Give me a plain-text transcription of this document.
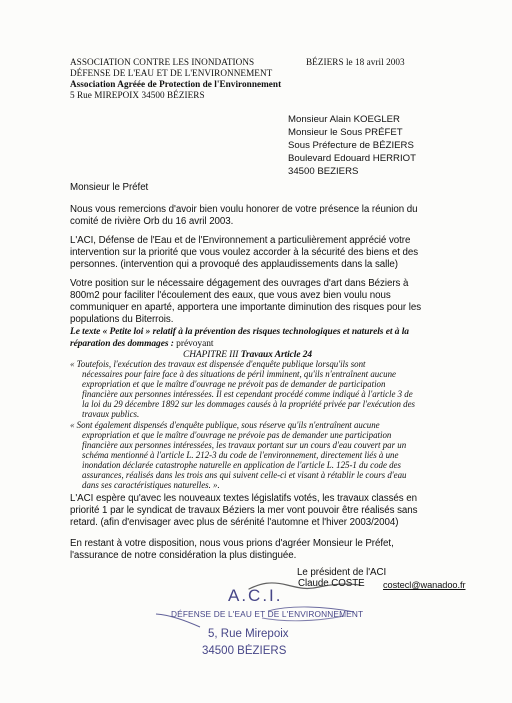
ASSOCIATION CONTRE LES INONDATIONS
DÉFENSE DE L'EAU ET DE L'ENVIRONNEMENT
Association Agréée de Protection de l'Environnement
5 Rue MIREPOIX 34500 BÉZIERS
BÉZIERS le 18 avril 2003
Monsieur Alain KOEGLER
Monsieur le Sous PRÉFET
Sous Préfecture de BÉZIERS
Boulevard Edouard HERRIOT
34500 BEZIERS
Monsieur le Préfet
Nous vous remercions d'avoir bien voulu honorer de votre présence la réunion du
comité de rivière Orb du 16 avril 2003.
L'ACI, Défense de l'Eau et de l'Environnement a particulièrement apprécié votre
intervention sur la priorité que vous voulez accorder à la sécurité des biens et des
personnes. (intervention qui a provoqué des applaudissements dans la salle)
Votre position sur le nécessaire dégagement des ouvrages d'art dans Béziers à
800m2 pour faciliter l'écoulement des eaux, que vous avez bien voulu nous
communiquer en aparté, apportera une importante diminution des risques pour les
populations du Biterrois.
Le texte « Petite loi » relatif à la prévention des risques technologiques et naturels et à la
réparation des dommages : prévoyant
CHAPITRE III Travaux Article 24
« Toutefois, l'exécution des travaux est dispensée d'enquête publique lorsqu'ils sont
nécessaires pour faire face à des situations de péril imminent, qu'ils n'entraînent aucune
expropriation et que le maître d'ouvrage ne prévoit pas de demander de participation
financière aux personnes intéressées. Il est cependant procédé comme indiqué à l'article 3 de
la loi du 29 décembre 1892 sur les dommages causés à la propriété privée par l'exécution des
travaux publics.
« Sont également dispensés d'enquête publique, sous réserve qu'ils n'entraînent aucune
expropriation et que le maître d'ouvrage ne prévoie pas de demander une participation
financière aux personnes intéressées, les travaux portant sur un cours d'eau couvert par un
schéma mentionné à l'article L. 212-3 du code de l'environnement, directement liés à une
inondation déclarée catastrophe naturelle en application de l'article L. 125-1 du code des
assurances, réalisés dans les trois ans qui suivent celle-ci et visant à rétablir le cours d'eau
dans ses caractéristiques naturelles. ».
L'ACI espère qu'avec les nouveaux textes législatifs votés, les travaux classés en
priorité 1 par le syndicat de travaux Béziers la mer vont pouvoir être réalisés sans
retard. (afin d'envisager avec plus de sérénité l'automne et l'hiver 2003/2004)
En restant à votre disposition, nous vous prions d'agréer Monsieur le Préfet,
l'assurance de notre considération la plus distinguée.
Le président de l'ACI
Claude COSTE costecl@wanadoo.fr
A.C.I.
DÉFENSE DE L'EAU ET DE L'ENVIRONNEMENT
5, Rue Mirepoix
34500 BÉZIERS
